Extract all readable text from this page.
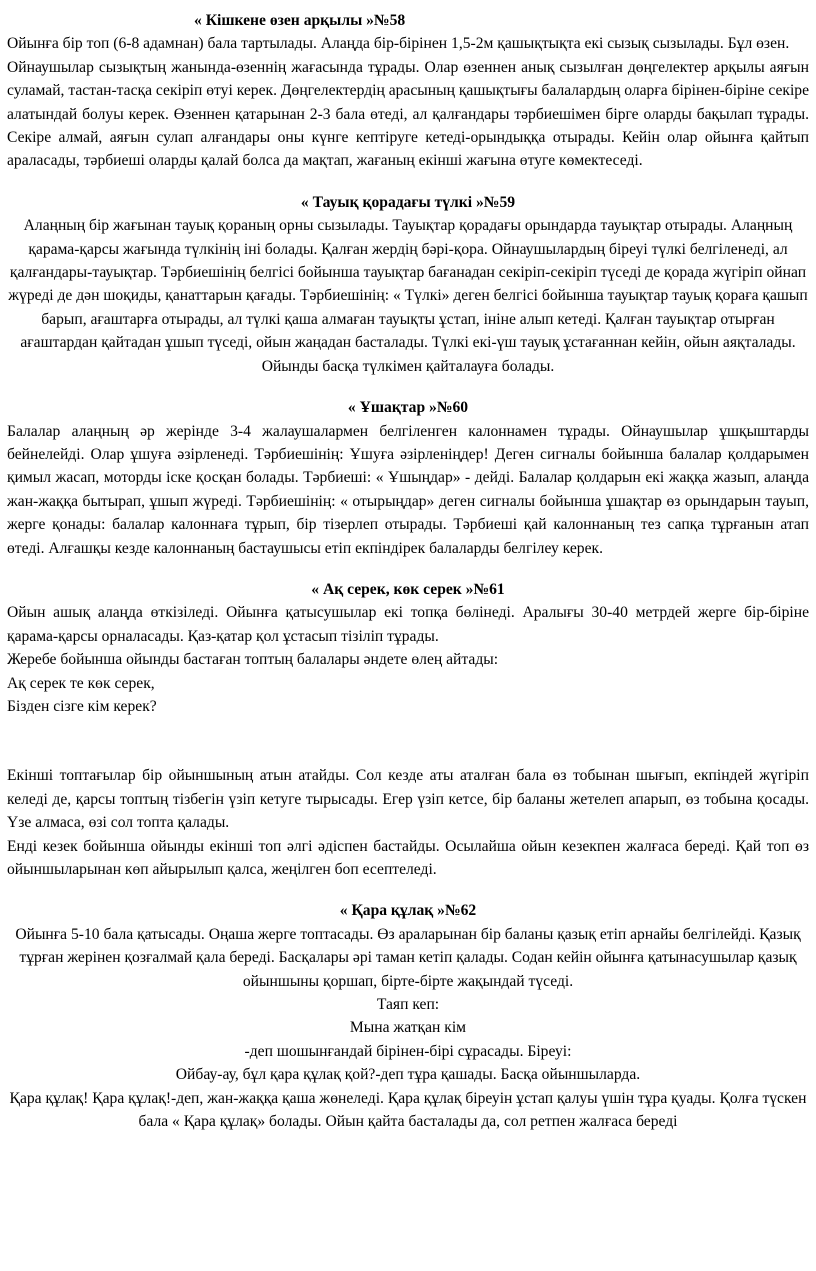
« Кішкене өзен арқылы »№58

Ойынға бір топ (6-8 адамнан) бала тартылады. Алаңда бір-бірінен 1,5-2м қашықтықта екі сызық сызылады. Бұл өзен.

Ойнаушылар сызықтың жанында-өзеннің жағасында тұрады. Олар өзеннен анық сызылған дөңгелектер арқылы аяғын суламай, тастан-тасқа секіріп өтуі керек. Дөңгелектердің арасының қашықтығы балалардың оларға бірінен-біріне секіре алатындай болуы керек. Өзеннен қатарынан 2-3 бала өтеді, ал қалғандары тәрбиешімен бірге оларды бақылап тұрады. Секіре алмай, аяғын сулап алғандары оны күнге кептіруге кетеді-орындыққа отырады. Кейін олар ойынға қайтып араласады, тәрбиеші оларды қалай болса да мақтап, жағаның екінші жағына өтуге көмектеседі.

« Тауық қорадағы түлкі »№59

Алаңның бір жағынан тауық қораның орны сызылады. Тауықтар қорадағы орындарда тауықтар отырады. Алаңның қарама-қарсы жағында түлкінің іні болады. Қалған жердің бәрі-қора. Ойнаушылардың біреуі түлкі белгіленеді, ал қалғандары-тауықтар. Тәрбиешінің белгісі бойынша тауықтар бағанадан секіріп-секіріп түседі де қорада жүгіріп ойнап жүреді де дән шоқиды, қанаттарын қағады. Тәрбиешінің: « Түлкі» деген белгісі бойынша тауықтар тауық қораға қашып барып, ағаштарға отырады, ал түлкі қаша алмаған тауықты ұстап, ініне алып кетеді. Қалған тауықтар отырған ағаштардан қайтадан ұшып түседі, ойын жаңадан басталады. Түлкі екі-үш тауық ұстағаннан кейін, ойын аяқталады. Ойынды басқа түлкімен қайталауға болады.

« Ұшақтар »№60

Балалар алаңның әр жерінде 3-4 жалаушалармен белгіленген калоннамен тұрады. Ойнаушылар ұшқыштарды бейнелейді. Олар ұшуға әзірленеді. Тәрбиешінің: Ұшуға әзірленіңдер! Деген сигналы бойынша балалар қолдарымен қимыл жасап, моторды іске қосқан болады. Тәрбиеші: « Ұшыңдар» - дейді. Балалар қолдарын екі жаққа жазып, алаңда жан-жаққа бытырап, ұшып жүреді. Тәрбиешінің: « отырыңдар» деген сигналы бойынша ұшақтар өз орындарын тауып, жерге қонады: балалар калоннаға тұрып, бір тізерлеп отырады. Тәрбиеші қай калоннаның тез сапқа тұрғанын атап өтеді. Алғашқы кезде калоннаның бастаушысы етіп екпіндірек балаларды белгілеу керек.

« Ақ серек, көк серек »№61

Ойын ашық алаңда өткізіледі. Ойынға қатысушылар екі топқа бөлінеді. Аралығы 30-40 метрдей жерге бір-біріне қарама-қарсы орналасады. Қаз-қатар қол ұстасып тізіліп тұрады.

Жеребе бойынша ойынды бастаған топтың балалары әндете өлең айтады:

Ақ серек те көк серек,

Бізден сізге кім керек?

Екінші топтағылар бір ойыншының атын атайды. Сол кезде аты аталған бала өз тобынан шығып, екпіндей жүгіріп келеді де, қарсы топтың тізбегін үзіп кетуге тырысады. Егер үзіп кетсе, бір баланы жетелеп апарып, өз тобына қосады. Үзе алмаса, өзі сол топта қалады.

Енді кезек бойынша ойынды екінші топ әлгі әдіспен бастайды. Осылайша ойын кезекпен жалғаса береді. Қай топ өз ойыншыларынан көп айырылып қалса, жеңілген боп есептеледі.

« Қара құлақ »№62

Ойынға 5-10 бала қатысады. Оңаша жерге топтасады. Өз араларынан бір баланы қазық етіп арнайы белгілейді. Қазық тұрған жерінен қозғалмай қала береді. Басқалары әрі таман кетіп қалады. Содан кейін ойынға қатынасушылар қазық ойыншыны қоршап, бірте-бірте жақындай түседі.

Таяп кеп:

Мына жатқан кім

-деп шошынғандай бірінен-бірі сұрасады. Біреуі:

Ойбау-ау, бұл қара құлақ қой?-деп тұра қашады. Басқа ойыншыларда.

Қара құлақ! Қара құлақ!-деп, жан-жаққа қаша жөнеледі. Қара құлақ біреуін ұстап қалуы үшін тұра қуады. Қолға түскен бала « Қара құлақ» болады. Ойын қайта басталады да, сол ретпен жалғаса береді
